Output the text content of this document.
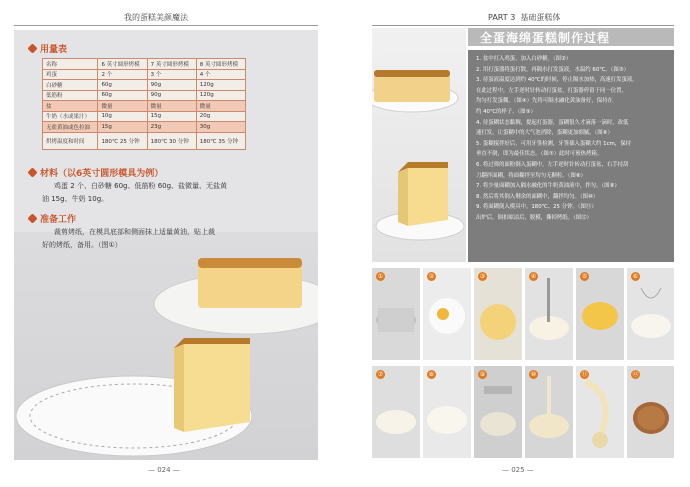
我的蛋糕美颜魔法
用量表
名称	6 英寸圆形烤模	7 英寸圆形烤模	8 英寸圆形烤模
鸡蛋	2 个	3 个	4 个
白砂糖	60g	90g	120g
低筋粉	60g	90g	120g
盐	微量	微量	微量
牛奶（水或果汁）	10g	15g	20g
无盐黄油或色拉油	15g	23g	30g
烘烤温度和时间	180℃ 25 分钟	180℃ 30 分钟	180℃ 35 分钟
材料（以6英寸圆形模具为例）
鸡蛋 2 个、白砂糖 60g、低筋粉 60g、盐微量、无盐黄
油 15g、牛奶 10g。
准备工作
裁剪烤纸，在模具底部和侧面抹上适量黄油，贴上裁
好的烤纸，备用。（图①）
— 024 —
PART 3 基础蛋糕体
全蛋海绵蛋糕制作过程
1. 盆中打入鸡蛋，加入白砂糖。（图②）
2. 用打蛋器将蛋打散，再隔水打发蛋液，水温约 60℃。（图③）
3. 待蛋液温度达到约 40℃的时候，停止隔水加热，高速打发蛋液。
在此过程中，左手逆时针转动打蛋盆，打蛋器停留于同一位置，
均匀打发蛋糊。（图④）先将可隔水融化黄油备好，保持在
约 40℃的样子。（图⑤）
4. 待蛋糊状态黏稠，提起打蛋器，蛋糊很久才滴落一滴时，改低
速打发，让蛋糊中的大气泡消除，蛋糊更加细腻。（图⑥）
5. 蛋糊搅拌好后，可用牙签检测，牙签插入蛋糊大约 1cm，保持
垂直不倒，即为最佳状态。（图⑦）此时可预热烤箱。
6. 将过筛的面粉倒入蛋糊中，左手逆时针转动打蛋盆，右手持刮
刀翻拌面糊，将面糊拌至均匀无颗粒。（图⑧）
7. 将少量面糊加入隔水融化的牛奶黄油液中，拌匀。（图⑨）
8. 然后将其倒入剩余的面糊中，翻拌均匀。（图⑩）
9. 将面糊倒入模具中，180℃、25 分钟。（图⑪）
出炉后，倒扣晾凉后，脱模，撕掉烤纸。（图⑫）
①	②	③	④	⑤	⑥
⑦	⑧	⑨	⑩	⑪	⑫
— 025 —
